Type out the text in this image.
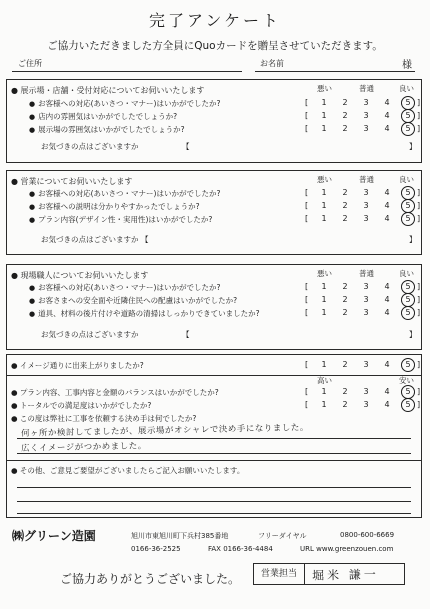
完了アンケート
ご協力いただきました方全員にQuoカードを贈呈させていただきます。
ご住所	お名前	様
● 展示場・店舗・受付対応についてお伺いいたします	悪い	普通	良い
● お客様への対応(あいさつ・マナー)はいかがでしたか?	[	1	2	3	4	5 ]
● 店内の雰囲気はいかがでしたでしょうか?	[	1	2	3	4	5 ]
● 展示場の雰囲気はいかがでしたでしょうか?	[	1	2	3	4	5 ]
お気づきの点はございますか	【	】
● 営業についてお伺いいたします	悪い	普通	良い
● お客様への対応(あいさつ・マナー)はいかがでしたか?	[	1	2	3	4	5 ]
● お客様への説明は分かりやすかったでしょうか?	[	1	2	3	4	5 ]
● プラン内容(デザイン性・実用性)はいかがでしたか?	[	1	2	3	4	5 ]
お気づきの点はございますか 【	】
● 現場職人についてお伺いいたします	悪い	普通	良い
● お客様への対応(あいさつ・マナー)はいかがでしたか?	[	1	2	3	4	5 ]
● お客さまへの安全面や近隣住民への配慮はいかがでしたか?	[	1	2	3	4	5 ]
● 道具、材料の後片付けや道路の清掃はしっかりできていましたか?	[	1	2	3	4	5 ]
お気づきの点はございますか	【	】
● イメージ通りに出来上がりましたか?	[	1	2	3	4	5 ]
高い	安い
● プラン内容、工事内容と金額のバランスはいかがでしたか?	[	1	2	3	4	5 ]
● トータルでの満足度はいかがでしたか?	[	1	2	3	4	5 ]
● この度は弊社に工事を依頼する決め手は何でしたか?
何ヶ所か検討してましたが、展示場がオシャレで決め手になりました。
広くイメージがつかめました。
● その他、ご意見ご要望がございましたらご記入お願いいたします。
㈱グリーン造園	旭川市東旭川町下兵村385番地	フリーダイヤル	0800-600-6669
0166-36-2525	FAX 0166-36-4484	URL www.greenzouen.com
ご協力ありがとうございました。	営業担当	堀米 謙一
